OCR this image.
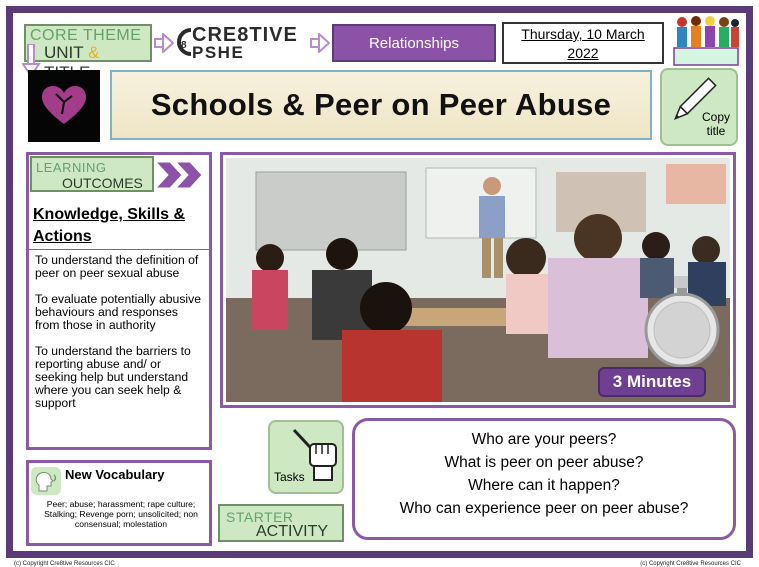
CORE THEME
UNIT &	8 CRE8TIVE
PSHE	Relationships
Thursday, 10 March
2022
Schools & Peer on Peer Abuse	Copy
title
LEARNING
OUTCOMES
Knowledge, Skills &
Actions

To understand the definition of peer on peer sexual abuse

To evaluate potentially abusive behaviours and responses from those in authority

To understand the barriers to reporting abuse and/ or seeking help but understand where you can seek help & support

3 Minutes
Tasks
Who are your peers?
What is peer on peer abuse?
Where can it happen?
Who can experience peer on peer abuse?
New Vocabulary
Peer; abuse; harassment; rape culture; Stalking; Revenge porn; unsolicited; non consensual; molestation	STARTER
ACTIVITY
(c) Copyright Cre8tive Resources CIC	(c) Copyright Cre8tive Resources CIC
